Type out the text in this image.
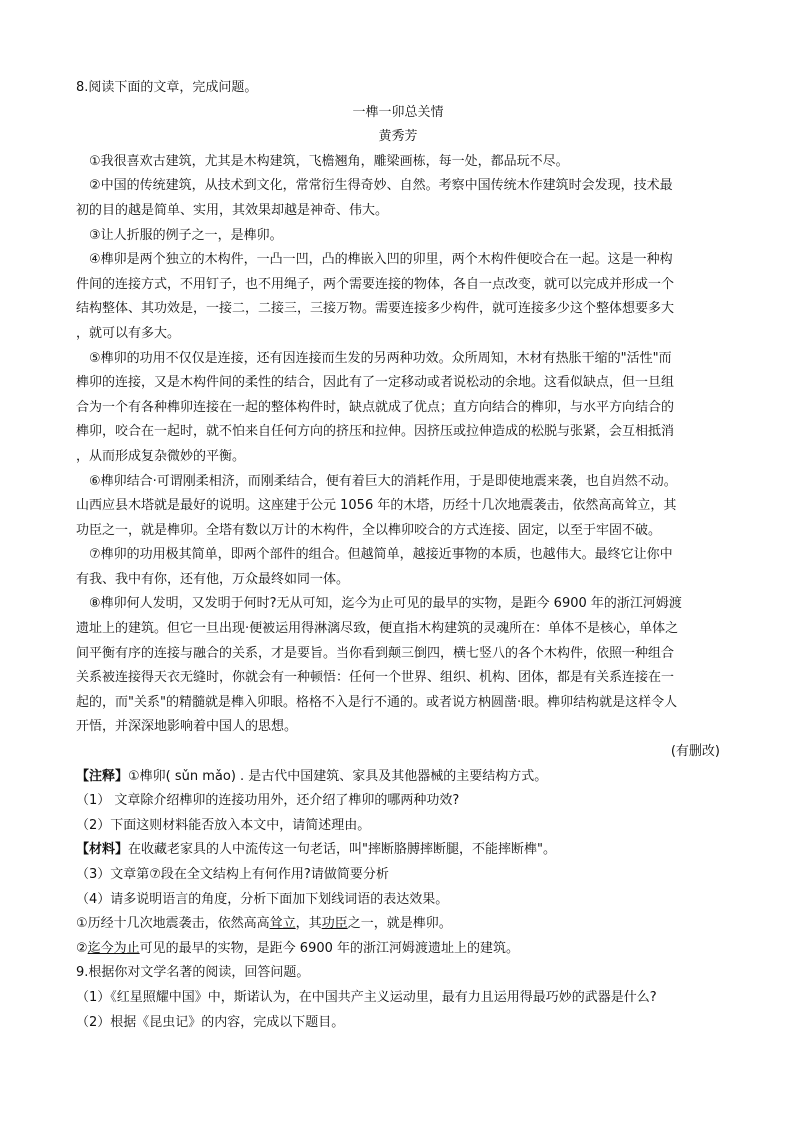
8.阅读下面的文章，完成问题。
一榫一卯总关情
黄秀芳
①我很喜欢古建筑，尤其是木构建筑，飞檐翘角，雕梁画栋，每一处，都品玩不尽。
②中国的传统建筑，从技术到文化，常常衍生得奇妙、自然。考察中国传统木作建筑时会发现，技术最
初的目的越是简单、实用，其效果却越是神奇、伟大。
③让人折服的例子之一，是榫卯。
④榫卯是两个独立的木构件，一凸一凹，凸的榫嵌入凹的卯里，两个木构件便咬合在一起。这是一种构
件间的连接方式，不用钉子，也不用绳子，两个需要连接的物体，各自一点改变，就可以完成并形成一个
结构整体、其功效是，一接二，二接三，三接万物。需要连接多少构件，就可连接多少这个整体想要多大
，就可以有多大。
⑤榫卯的功用不仅仅是连接，还有因连接而生发的另两种功效。众所周知，木材有热胀干缩的"活性"而
榫卯的连接，又是木构件间的柔性的结合，因此有了一定移动或者说松动的余地。这看似缺点，但一旦组
合为一个有各种榫卯连接在一起的整体构件时，缺点就成了优点；直方向结合的榫卯，与水平方向结合的
榫卯，咬合在一起时，就不怕来自任何方向的挤压和拉伸。因挤压或拉伸造成的松脱与张紧，会互相抵消
，从而形成复杂微妙的平衡。
⑥榫卯结合·可谓刚柔相济，而刚柔结合，便有着巨大的消耗作用，于是即使地震来袭，也自岿然不动。
山西应县木塔就是最好的说明。这座建于公元 1056 年的木塔，历经十几次地震袭击，依然高高耸立，其
功臣之一，就是榫卯。全塔有数以万计的木构件，全以榫卯咬合的方式连接、固定，以至于牢固不破。
⑦榫卯的功用极其简单，即两个部件的组合。但越简单，越接近事物的本质，也越伟大。最终它让你中
有我、我中有你，还有他，万众最终如同一体。
⑧榫卯何人发明，又发明于何时?无从可知，迄今为止可见的最早的实物，是距今 6900 年的浙江河姆渡
遗址上的建筑。但它一旦出现·便被运用得淋漓尽致，便直指木构建筑的灵魂所在：单体不是核心，单体之
间平衡有序的连接与融合的关系，才是要旨。当你看到颠三倒四，横七竖八的各个木构件，依照一种组合
关系被连接得天衣无缝时，你就会有一种顿悟：任何一个世界、组织、机构、团体，都是有关系连接在一
起的，而"关系"的精髓就是榫入卯眼。格格不入是行不通的。或者说方枘圆凿·眼。榫卯结构就是这样令人
开悟，并深深地影响着中国人的思想。
(有删改)
【注释】①榫卯( sǔn mǎo) . 是古代中国建筑、家具及其他器械的主要结构方式。
（1） 文章除介绍榫卯的连接功用外，还介绍了榫卯的哪两种功效?
（2）下面这则材料能否放入本文中，请简述理由。
【材料】在收藏老家具的人中流传这一句老话，叫"摔断胳膊摔断腿，不能摔断榫"。
（3）文章第⑦段在全文结构上有何作用?请做简要分析
（4）请多说明语言的角度，分析下面加下划线词语的表达效果。
①历经十几次地震袭击，依然高高耸立，其功臣之一，就是榫卯。
②迄今为止可见的最早的实物，是距今 6900 年的浙江河姆渡遗址上的建筑。
9.根据你对文学名著的阅读，回答问题。
（1）《红星照耀中国》中，斯诺认为，在中国共产主义运动里，最有力且运用得最巧妙的武器是什么?
（2）根据《昆虫记》的内容，完成以下题目。
